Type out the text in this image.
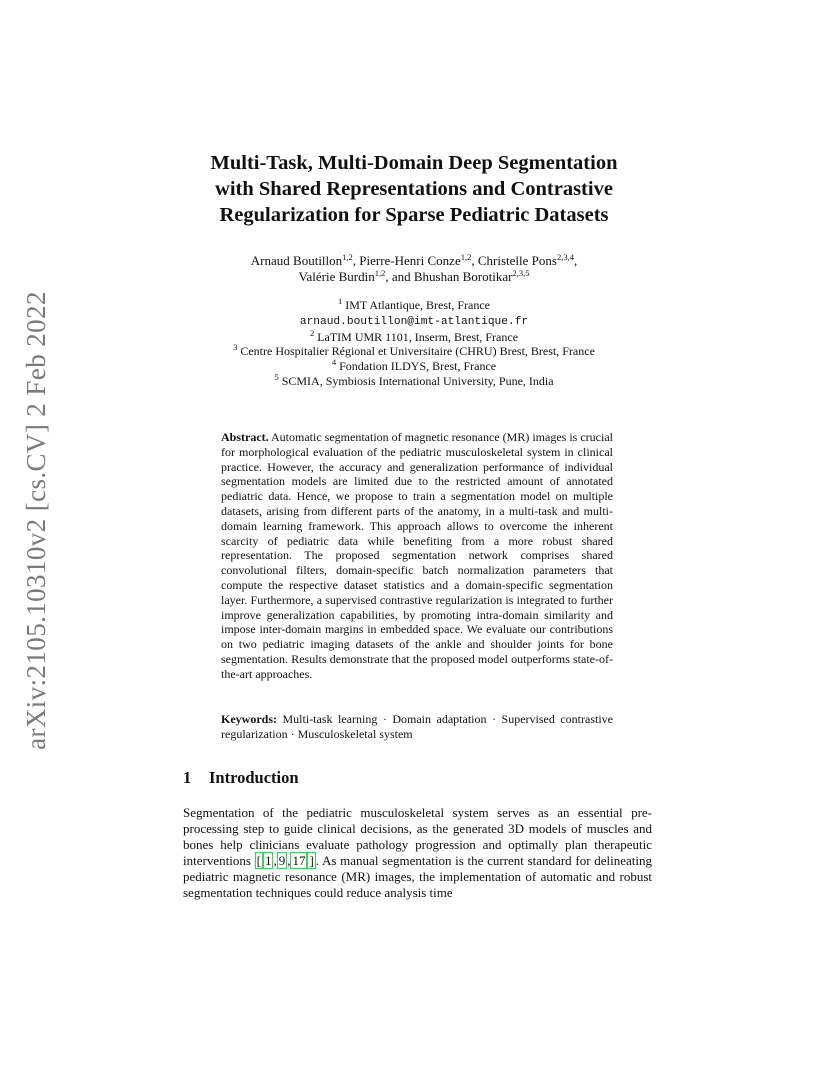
arXiv:2105.10310v2 [cs.CV] 2 Feb 2022
Multi-Task, Multi-Domain Deep Segmentation
with Shared Representations and Contrastive
Regularization for Sparse Pediatric Datasets
Arnaud Boutillon$^{1,2}$, Pierre-Henri Conze$^{1,2}$, Christelle Pons$^{2,3,4}$,
Valérie Burdin$^{1,2}$, and Bhushan Borotikar$^{2,3,5}$
$^1$ IMT Atlantique, Brest, France
arnaud.boutillon@imt-atlantique.fr
$^2$ LaTIM UMR 1101, Inserm, Brest, France
$^3$ Centre Hospitalier Régional et Universitaire (CHRU) Brest, Brest, France
$^4$ Fondation ILDYS, Brest, France
$^5$ SCMIA, Symbiosis International University, Pune, India
Abstract. Automatic segmentation of magnetic resonance (MR) images is crucial for morphological evaluation of the pediatric musculoskeletal system in clinical practice. However, the accuracy and generalization performance of individual segmentation models are limited due to the restricted amount of annotated pediatric data. Hence, we propose to train a segmentation model on multiple datasets, arising from different parts of the anatomy, in a multi-task and multi-domain learning framework. This approach allows to overcome the inherent scarcity of pediatric data while benefiting from a more robust shared representation. The proposed segmentation network comprises shared convolutional filters, domain-specific batch normalization parameters that compute the respective dataset statistics and a domain-specific segmentation layer. Furthermore, a supervised contrastive regularization is integrated to further improve generalization capabilities, by promoting intra-domain similarity and impose inter-domain margins in embedded space. We evaluate our contributions on two pediatric imaging datasets of the ankle and shoulder joints for bone segmentation. Results demonstrate that the proposed model outperforms state-of-the-art approaches.
Keywords: Multi-task learning · Domain adaptation · Supervised contrastive regularization · Musculoskeletal system
1 Introduction
Segmentation of the pediatric musculoskeletal system serves as an essential pre-processing step to guide clinical decisions, as the generated 3D models of muscles and bones help clinicians evaluate pathology progression and optimally plan therapeutic interventions [ 1 , 9 , 17 ] . As manual segmentation is the current standard for delineating pediatric magnetic resonance (MR) images, the implementation of automatic and robust segmentation techniques could reduce analysis time
